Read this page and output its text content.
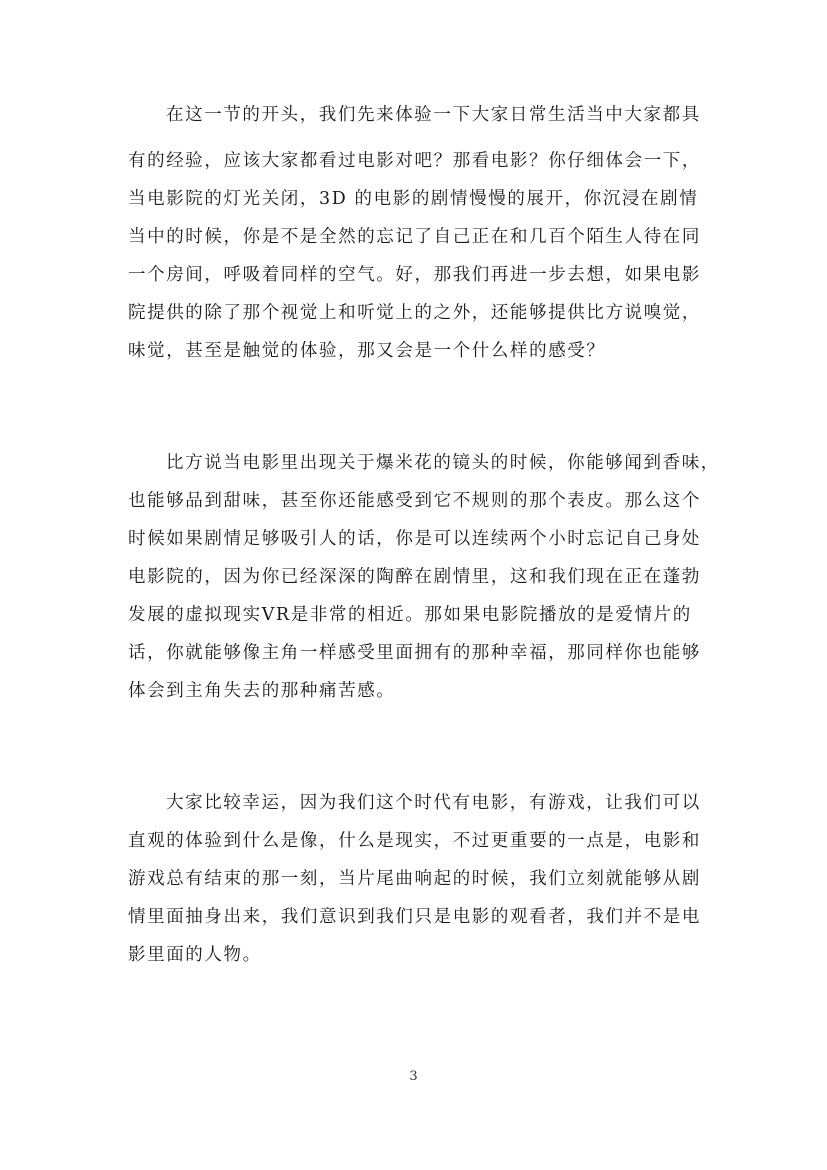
在这一节的开头，我们先来体验一下大家日常生活当中大家都具
有的经验，应该大家都看过电影对吧？那看电影？你仔细体会一下，
当电影院的灯光关闭，3D 的电影的剧情慢慢的展开，你沉浸在剧情
当中的时候，你是不是全然的忘记了自己正在和几百个陌生人待在同
一个房间，呼吸着同样的空气。好，那我们再进一步去想，如果电影
院提供的除了那个视觉上和听觉上的之外，还能够提供比方说嗅觉，
味觉，甚至是触觉的体验，那又会是一个什么样的感受？
比方说当电影里出现关于爆米花的镜头的时候，你能够闻到香味，
也能够品到甜味，甚至你还能感受到它不规则的那个表皮。那么这个
时候如果剧情足够吸引人的话，你是可以连续两个小时忘记自己身处
电影院的，因为你已经深深的陶醉在剧情里，这和我们现在正在蓬勃
发展的虚拟现实VR是非常的相近。那如果电影院播放的是爱情片的
话，你就能够像主角一样感受里面拥有的那种幸福，那同样你也能够
体会到主角失去的那种痛苦感。
大家比较幸运，因为我们这个时代有电影，有游戏，让我们可以
直观的体验到什么是像，什么是现实，不过更重要的一点是，电影和
游戏总有结束的那一刻，当片尾曲响起的时候，我们立刻就能够从剧
情里面抽身出来，我们意识到我们只是电影的观看者，我们并不是电
影里面的人物。
3
